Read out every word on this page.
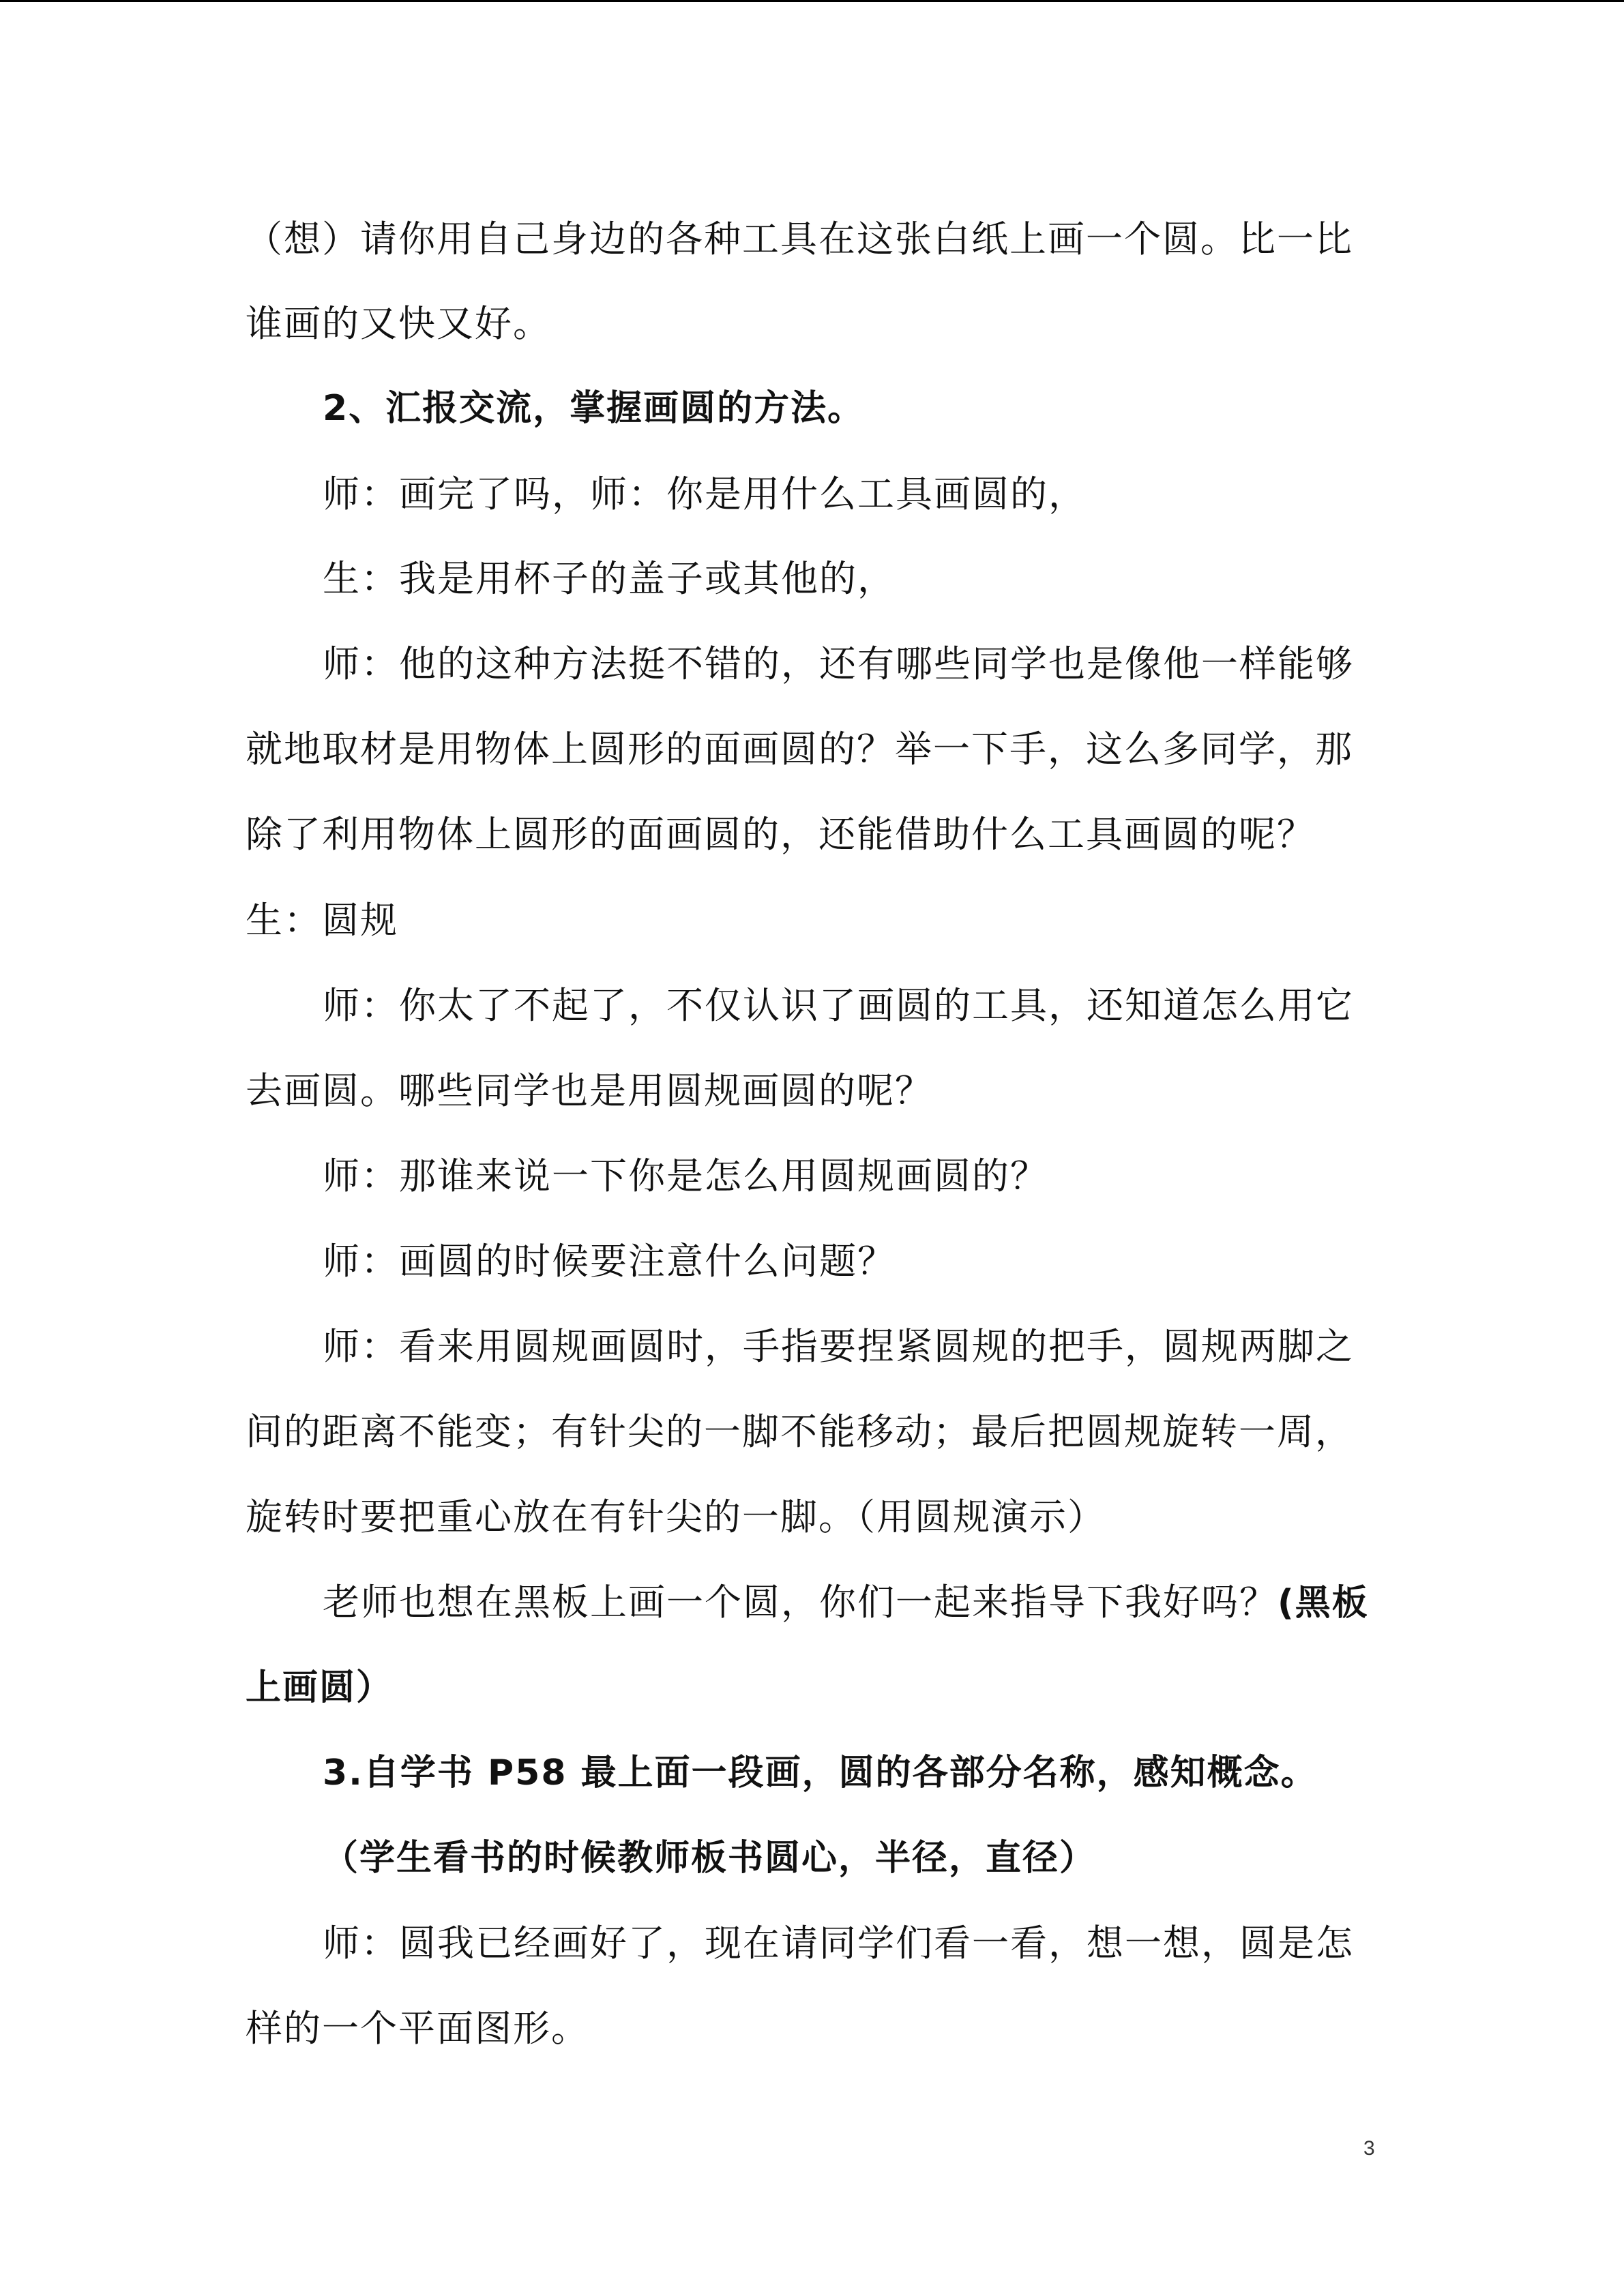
（想）请你用自己身边的各种工具在这张白纸上画一个圆。比一比
谁画的又快又好。
2、汇报交流，掌握画圆的方法。
师：画完了吗，师：你是用什么工具画圆的，
生：我是用杯子的盖子或其他的，
师：他的这种方法挺不错的，还有哪些同学也是像他一样能够
就地取材是用物体上圆形的面画圆的？举一下手，这么多同学，那
除了利用物体上圆形的面画圆的，还能借助什么工具画圆的呢？
生：圆规
师：你太了不起了，不仅认识了画圆的工具，还知道怎么用它
去画圆。哪些同学也是用圆规画圆的呢？
师：那谁来说一下你是怎么用圆规画圆的？
师：画圆的时候要注意什么问题？
师：看来用圆规画圆时，手指要捏紧圆规的把手，圆规两脚之
间的距离不能变；有针尖的一脚不能移动；最后把圆规旋转一周，
旋转时要把重心放在有针尖的一脚。（用圆规演示）
老师也想在黑板上画一个圆，你们一起来指导下我好吗？(黑板
上画圆）
3.自学书 P58 最上面一段画，圆的各部分名称，感知概念。
（学生看书的时候教师板书圆心，半径，直径）
师：圆我已经画好了，现在请同学们看一看，想一想，圆是怎
样的一个平面图形。
3
